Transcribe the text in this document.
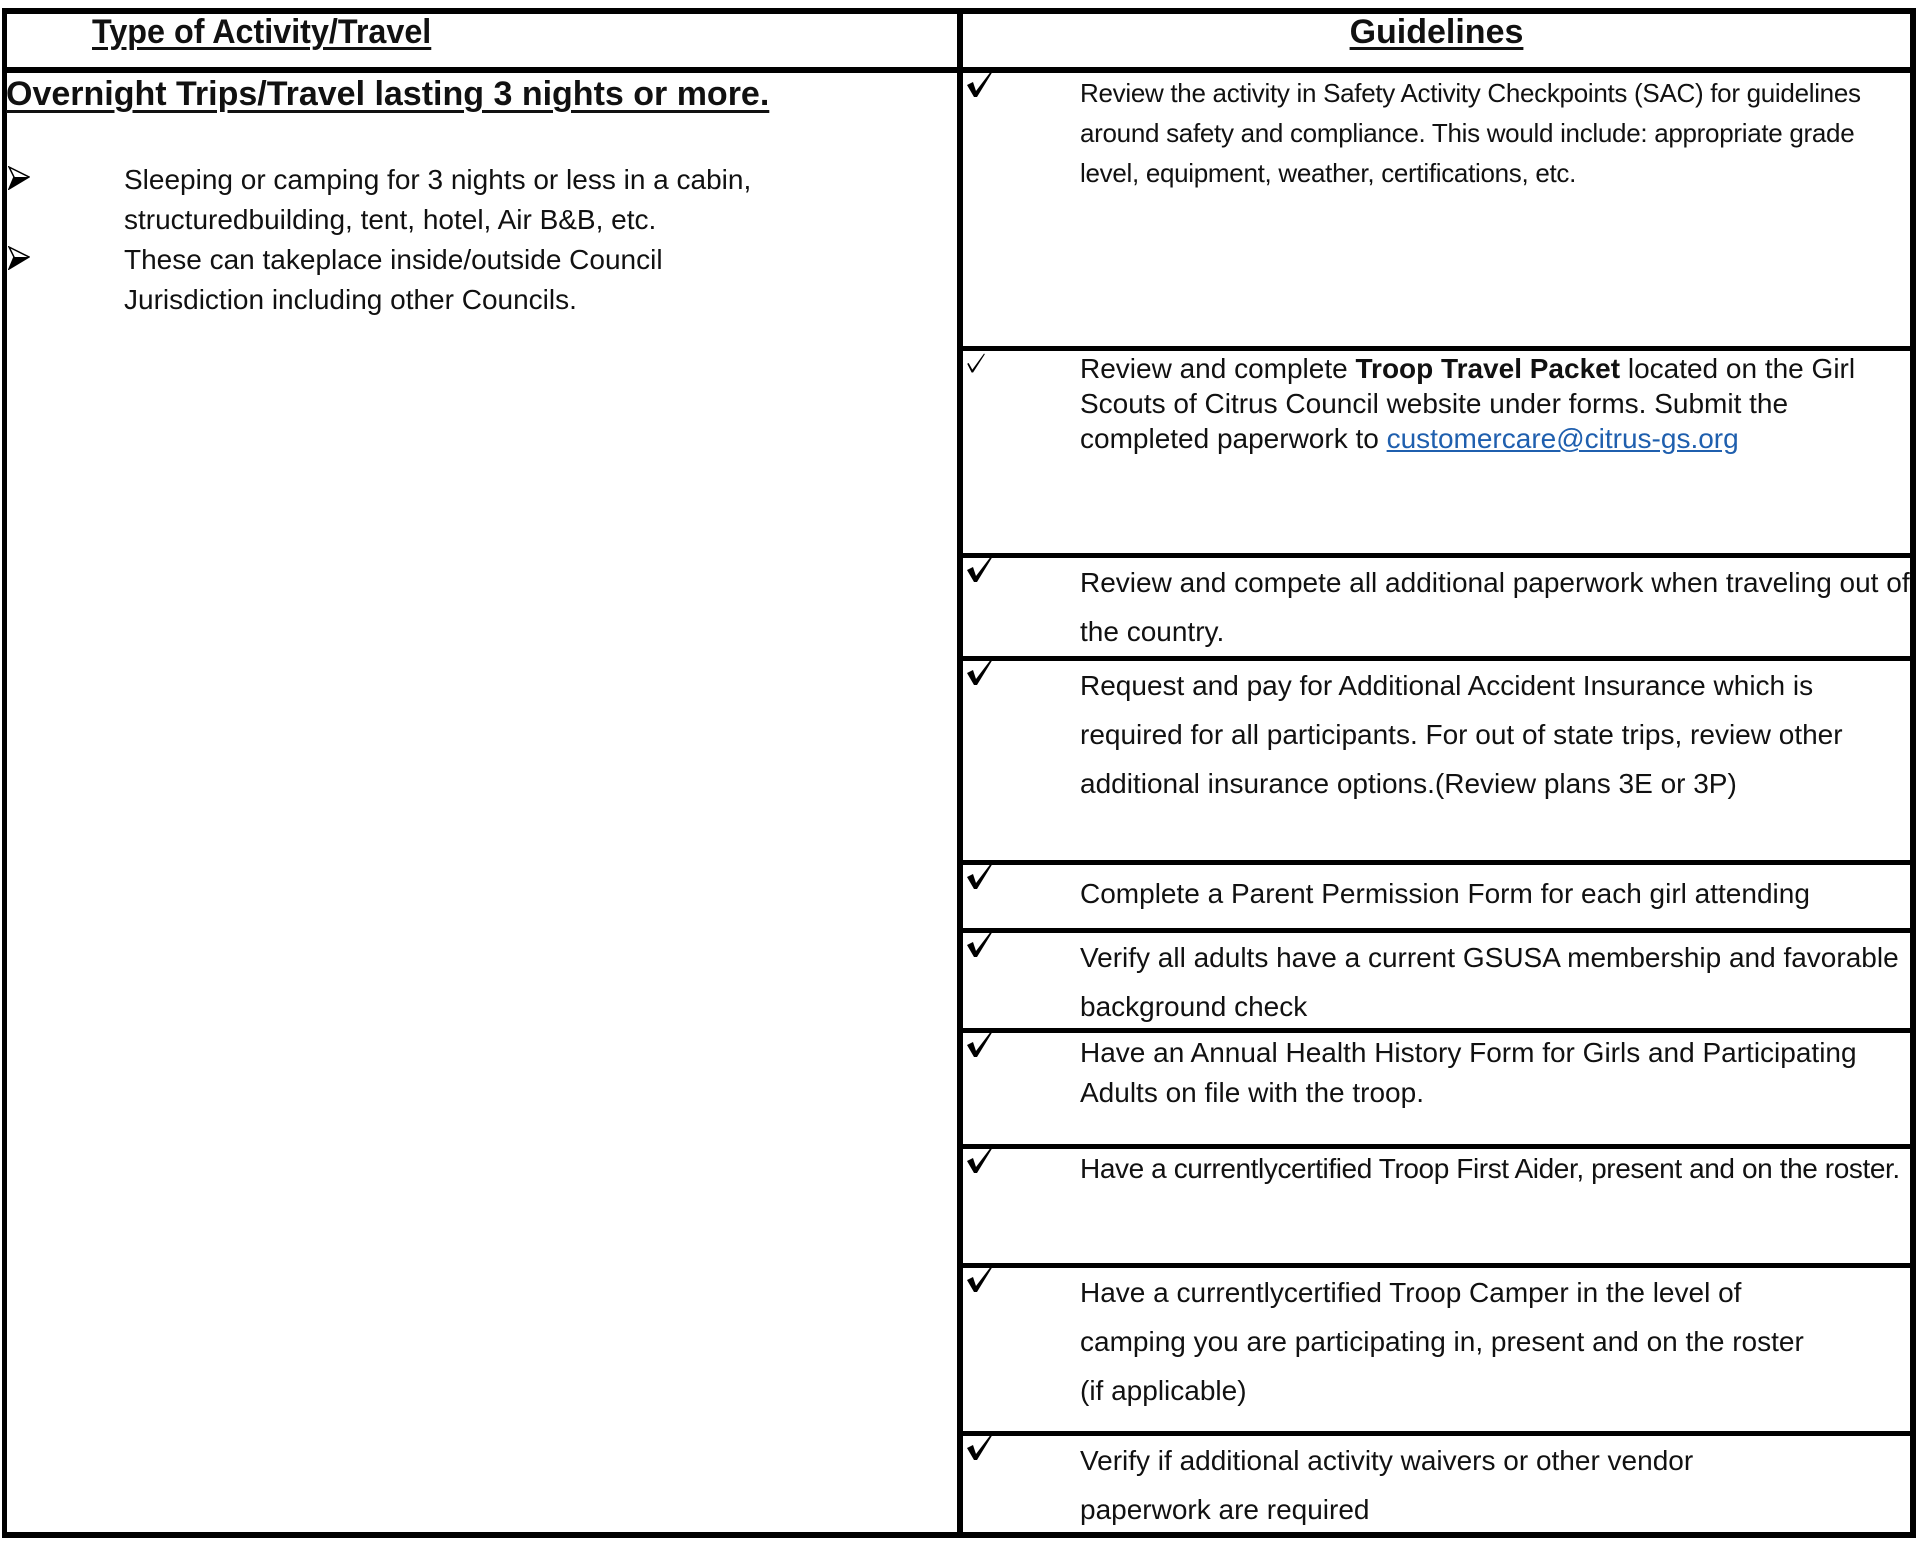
Type of Activity/Travel	Guidelines
Overnight Trips/Travel lasting 3 nights or more.
Sleeping or camping for 3 nights or less in a cabin, structuredbuilding, tent, hotel, Air B&B, etc.
These can takeplace inside/outside Council Jurisdiction including other Councils.
Review the activity in Safety Activity Checkpoints (SAC) for guidelines around safety and compliance. This would include: appropriate grade level, equipment, weather, certifications, etc.
Review and complete Troop Travel Packet located on the Girl Scouts of Citrus Council website under forms. Submit the completed paperwork to customercare@citrus-gs.org
Review and compete all additional paperwork when traveling out of the country.
Request and pay for Additional Accident Insurance which is required for all participants. For out of state trips, review other additional insurance options.(Review plans 3E or 3P)
Complete a Parent Permission Form for each girl attending
Verify all adults have a current GSUSA membership and favorable background check
Have an Annual Health History Form for Girls and Participating Adults on file with the troop.
Have a currentlycertified Troop First Aider, present and on the roster.
Have a currentlycertified Troop Camper in the level of camping you are participating in, present and on the roster (if applicable)
Verify if additional activity waivers or other vendor paperwork are required
